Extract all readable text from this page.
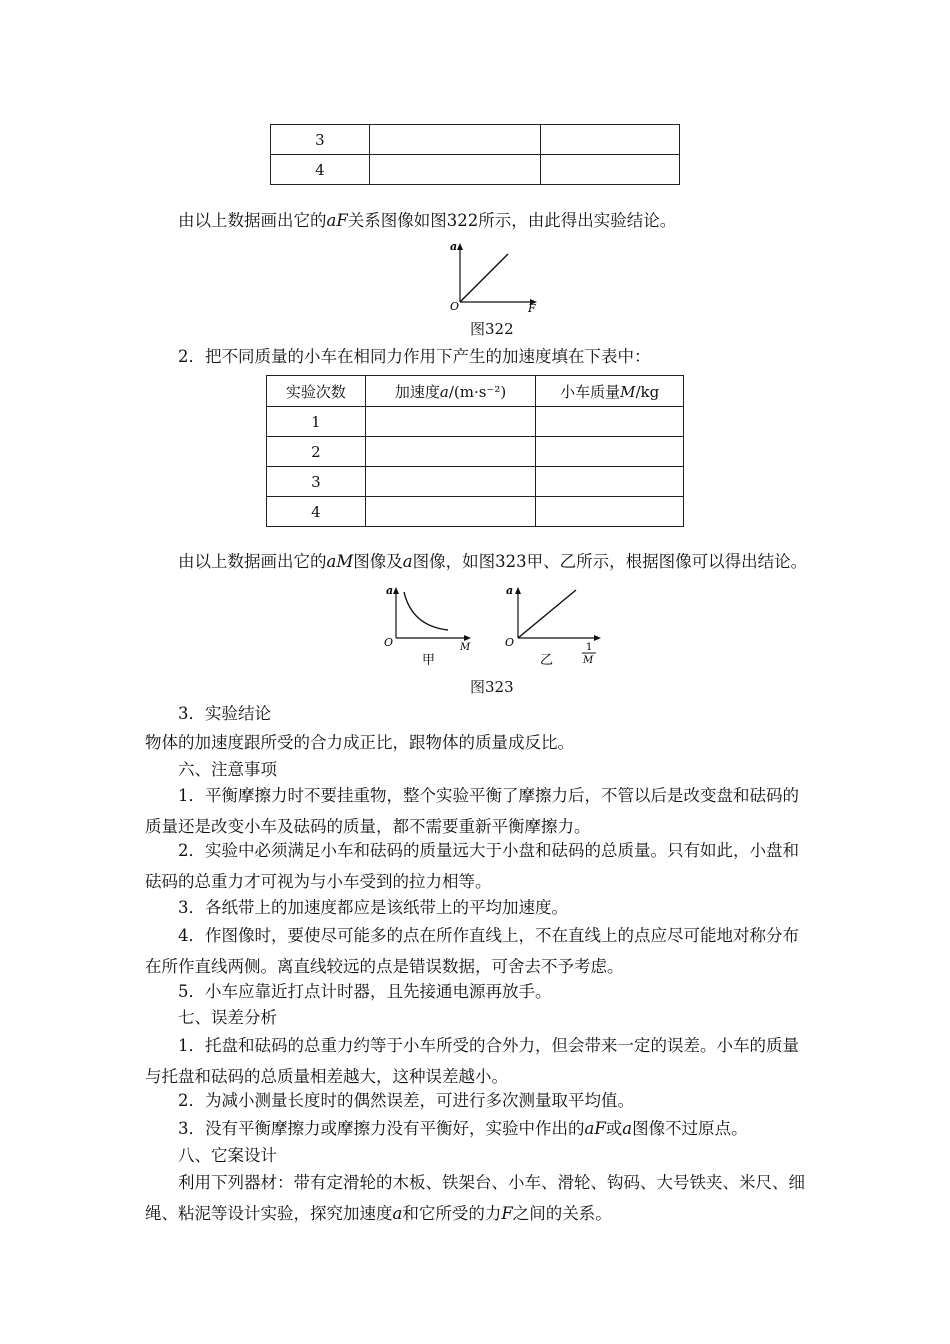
3		
4		
由以上数据画出它的aF关系图像如图322所示，由此得出实验结论。
a
F
O
图322
2．把不同质量的小车在相同力作用下产生的加速度填在下表中：
实验次数	加速度a/(m·s⁻²)	小车质量M/kg
1		
2		
3		
4		
由以上数据画出它的aM图像及a图像，如图323甲、乙所示，根据图像可以得出结论。
a
M
O
甲
a
O	1
M
乙
图323
3．实验结论
物体的加速度跟所受的合力成正比，跟物体的质量成反比。
六、注意事项
1．平衡摩擦力时不要挂重物，整个实验平衡了摩擦力后，不管以后是改变盘和砝码的质量还是改变小车及砝码的质量，都不需要重新平衡摩擦力。
2．实验中必须满足小车和砝码的质量远大于小盘和砝码的总质量。只有如此，小盘和砝码的总重力才可视为与小车受到的拉力相等。
3．各纸带上的加速度都应是该纸带上的平均加速度。
4．作图像时，要使尽可能多的点在所作直线上，不在直线上的点应尽可能地对称分布在所作直线两侧。离直线较远的点是错误数据，可舍去不予考虑。
5．小车应靠近打点计时器，且先接通电源再放手。
七、误差分析
1．托盘和砝码的总重力约等于小车所受的合外力，但会带来一定的误差。小车的质量与托盘和砝码的总质量相差越大，这种误差越小。
2．为减小测量长度时的偶然误差，可进行多次测量取平均值。
3．没有平衡摩擦力或摩擦力没有平衡好，实验中作出的aF或a图像不过原点。
八、它案设计
利用下列器材：带有定滑轮的木板、铁架台、小车、滑轮、钩码、大号铁夹、米尺、细绳、粘泥等设计实验，探究加速度a和它所受的力F之间的关系。
